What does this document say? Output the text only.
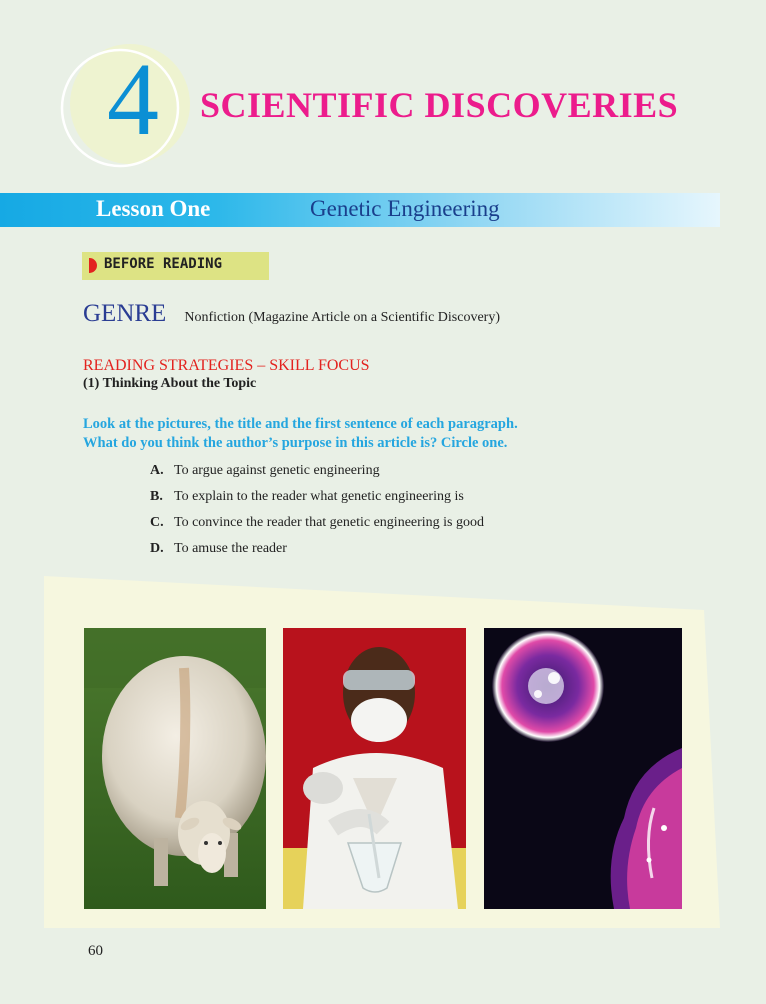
4	SCIENTIFIC DISCOVERIES
Lesson One	Genetic Engineering
BEFORE READING
GENRE Nonfiction (Magazine Article on a Scientific Discovery)
READING STRATEGIES – SKILL FOCUS
(1) Thinking About the Topic
Look at the pictures, the title and the first sentence of each paragraph.
What do you think the author’s purpose in this article is? Circle one.
A. To argue against genetic engineering
B. To explain to the reader what genetic engineering is
C. To convince the reader that genetic engineering is good
D. To amuse the reader
60
